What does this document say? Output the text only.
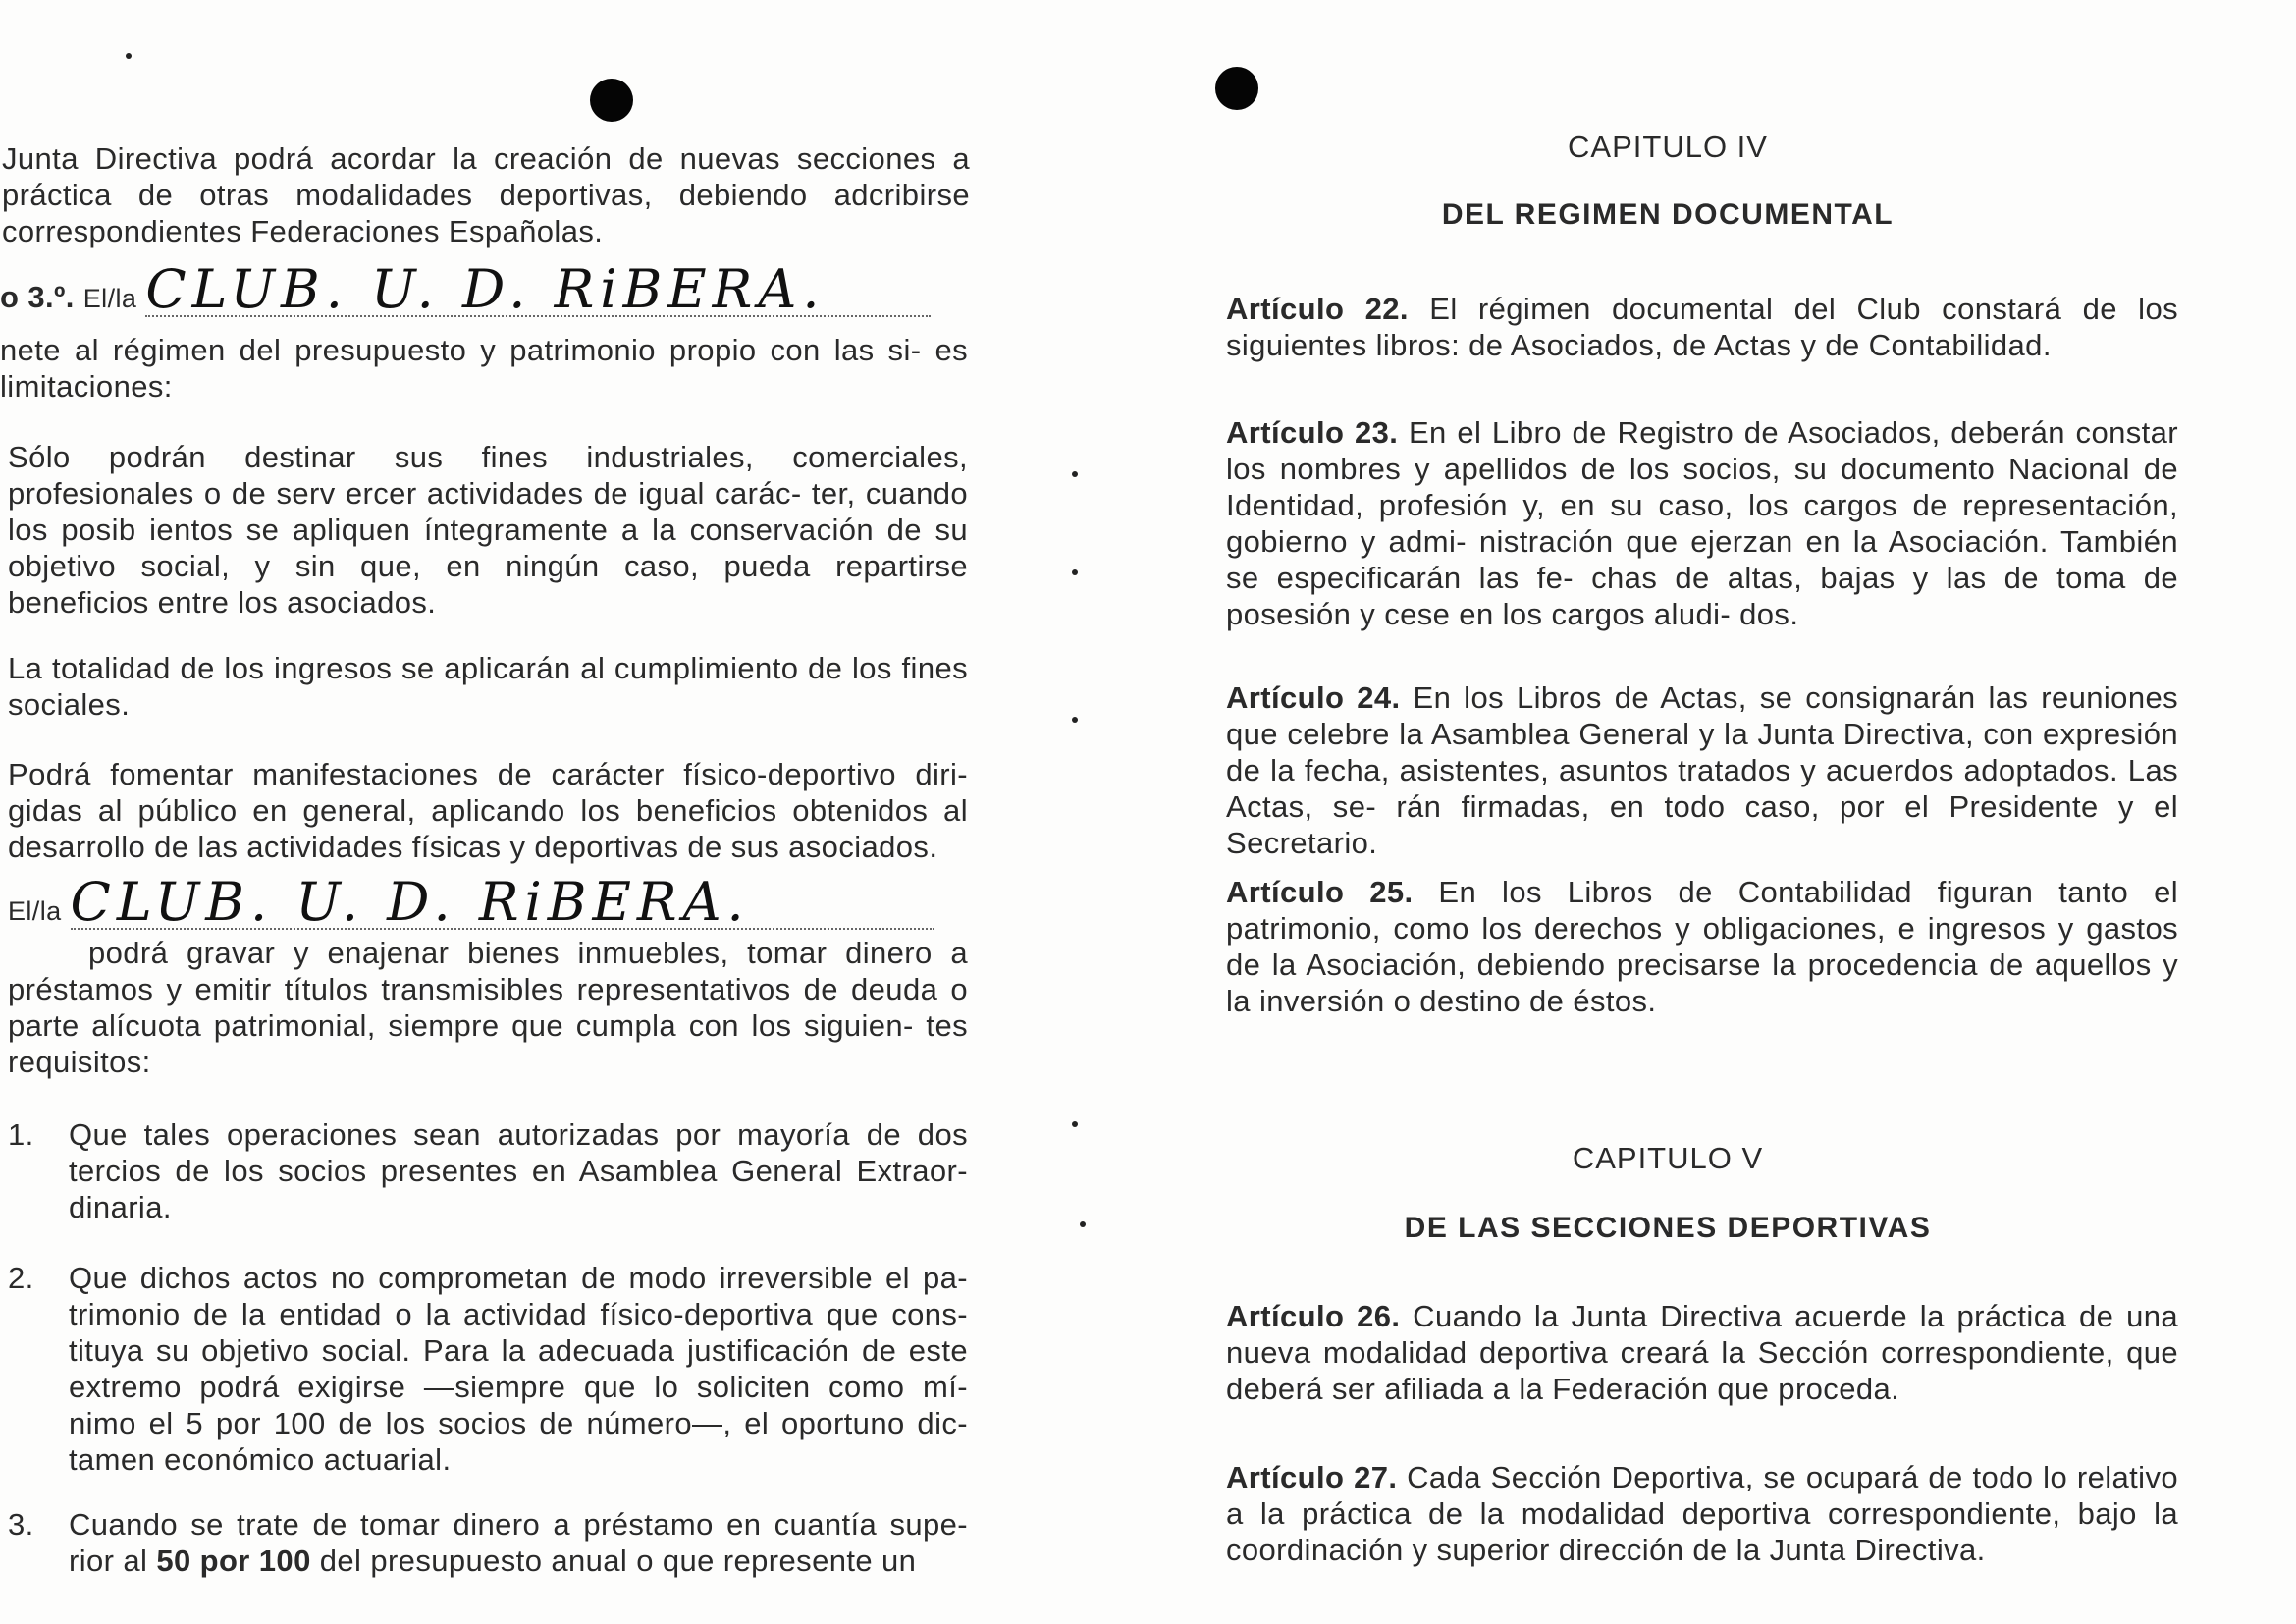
Junta Directiva podrá acordar la creación de nuevas secciones a práctica de otras modalidades deportivas, debiendo adcribirse correspondientes Federaciones Españolas.

o 3.º. El/la CLUB. U. D. RiBERA.

nete al régimen del presupuesto y patrimonio propio con las si- es limitaciones:

Sólo podrán destinar sus fines industriales, comerciales, profesionales o de serv ercer actividades de igual carác- ter, cuando los posib ientos se apliquen íntegramente a la conservación de su objetivo social, y sin que, en ningún caso, pueda repartirse beneficios entre los asociados.

La totalidad de los ingresos se aplicarán al cumplimiento de los fines sociales.

Podrá fomentar manifestaciones de carácter físico-deportivo diri- gidas al público en general, aplicando los beneficios obtenidos al desarrollo de las actividades físicas y deportivas de sus asociados.

El/la CLUB. U. D. RiBERA.

podrá gravar y enajenar bienes inmuebles, tomar dinero a préstamos y emitir títulos transmisibles representativos de deuda o parte alícuota patrimonial, siempre que cumpla con los siguien- tes requisitos:

1. Que tales operaciones sean autorizadas por mayoría de dos tercios de los socios presentes en Asamblea General Extraor- dinaria.
2. Que dichos actos no comprometan de modo irreversible el pa- trimonio de la entidad o la actividad físico-deportiva que cons- tituya su objetivo social. Para la adecuada justificación de este extremo podrá exigirse —siempre que lo soliciten como mí- nimo el 5 por 100 de los socios de número—, el oportuno dic- tamen económico actuarial.
3. Cuando se trate de tomar dinero a préstamo en cuantía supe- rior al 50 por 100 del presupuesto anual o que represente un

CAPITULO IV

DEL REGIMEN DOCUMENTAL

Artículo 22. El régimen documental del Club constará de los siguientes libros: de Asociados, de Actas y de Contabilidad.

Artículo 23. En el Libro de Registro de Asociados, deberán constar los nombres y apellidos de los socios, su documento Nacional de Identidad, profesión y, en su caso, los cargos de representación, gobierno y admi- nistración que ejerzan en la Asociación. También se especificarán las fe- chas de altas, bajas y las de toma de posesión y cese en los cargos aludi- dos.

Artículo 24. En los Libros de Actas, se consignarán las reuniones que celebre la Asamblea General y la Junta Directiva, con expresión de la fecha, asistentes, asuntos tratados y acuerdos adoptados. Las Actas, se- rán firmadas, en todo caso, por el Presidente y el Secretario.

Artículo 25. En los Libros de Contabilidad figuran tanto el patrimonio, como los derechos y obligaciones, e ingresos y gastos de la Asociación, debiendo precisarse la procedencia de aquellos y la inversión o destino de éstos.

CAPITULO V

DE LAS SECCIONES DEPORTIVAS

Artículo 26. Cuando la Junta Directiva acuerde la práctica de una nueva modalidad deportiva creará la Sección correspondiente, que deberá ser afiliada a la Federación que proceda.

Artículo 27. Cada Sección Deportiva, se ocupará de todo lo relativo a la práctica de la modalidad deportiva correspondiente, bajo la coordinación y superior dirección de la Junta Directiva.
